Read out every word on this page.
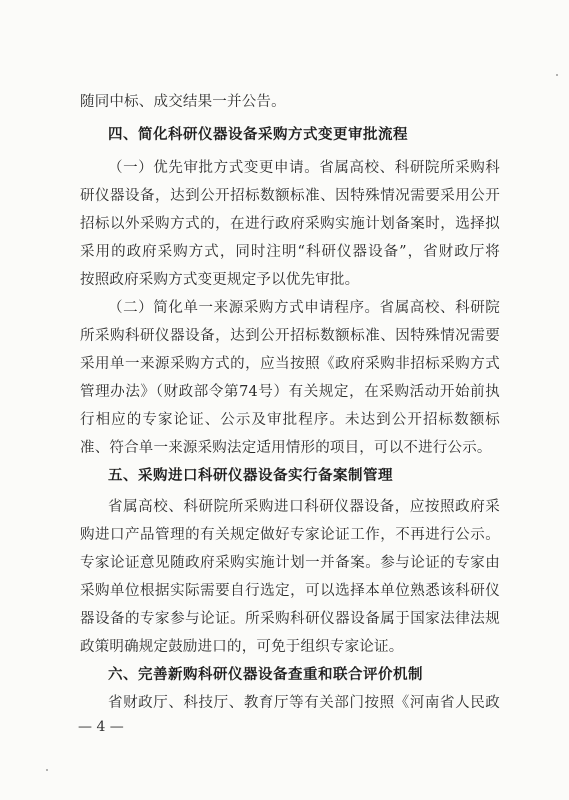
随同中标、成交结果一并公告。
四、简化科研仪器设备采购方式变更审批流程
（一）优先审批方式变更申请。省属高校、科研院所采购科
研仪器设备，达到公开招标数额标准、因特殊情况需要采用公开
招标以外采购方式的，在进行政府采购实施计划备案时，选择拟
采用的政府采购方式，同时注明“科研仪器设备”，省财政厅将
按照政府采购方式变更规定予以优先审批。
（二）简化单一来源采购方式申请程序。省属高校、科研院
所采购科研仪器设备，达到公开招标数额标准、因特殊情况需要
采用单一来源采购方式的，应当按照《政府采购非招标采购方式
管理办法》（财政部令第74号）有关规定，在采购活动开始前执
行相应的专家论证、公示及审批程序。未达到公开招标数额标
准、符合单一来源采购法定适用情形的项目，可以不进行公示。
五、采购进口科研仪器设备实行备案制管理
省属高校、科研院所采购进口科研仪器设备，应按照政府采
购进口产品管理的有关规定做好专家论证工作，不再进行公示。
专家论证意见随政府采购实施计划一并备案。参与论证的专家由
采购单位根据实际需要自行选定，可以选择本单位熟悉该科研仪
器设备的专家参与论证。所采购科研仪器设备属于国家法律法规
政策明确规定鼓励进口的，可免于组织专家论证。
六、完善新购科研仪器设备查重和联合评价机制
省财政厅、科技厅、教育厅等有关部门按照《河南省人民政
— 4 —
